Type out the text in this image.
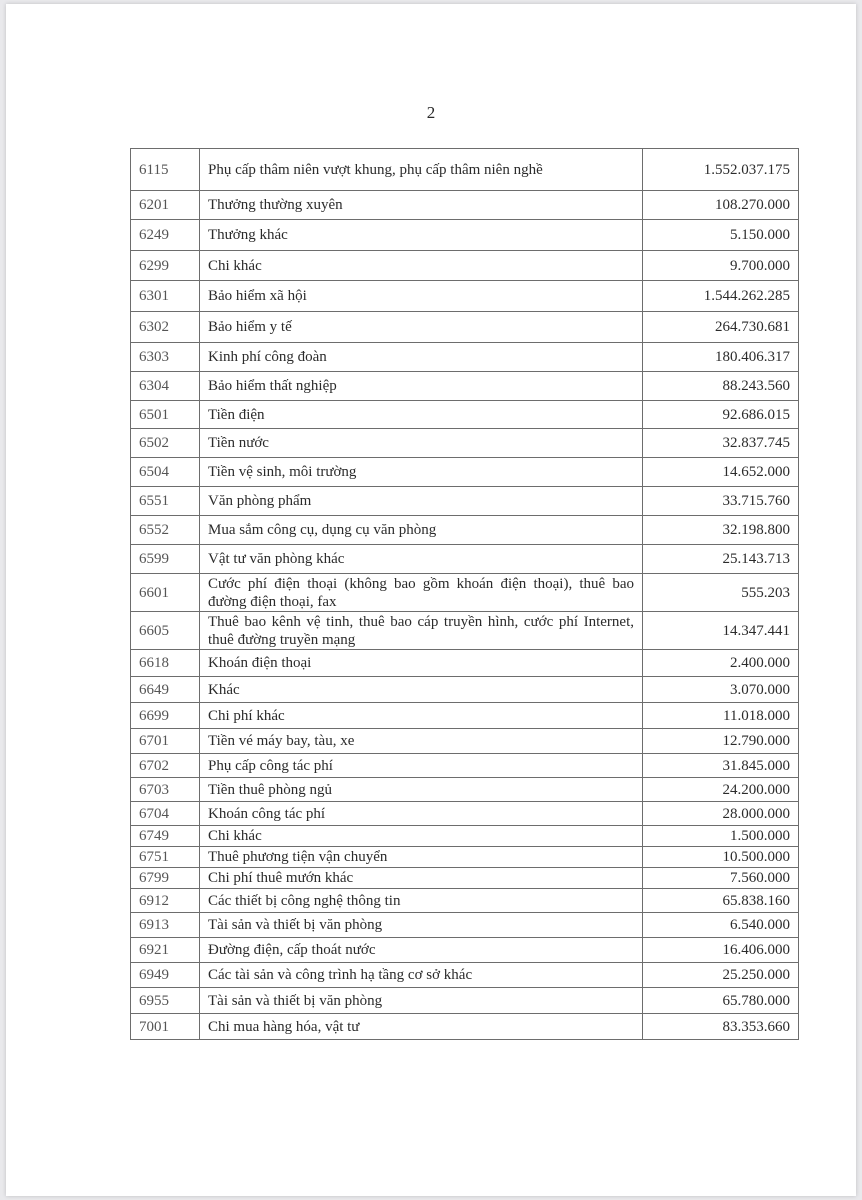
2
6115	Phụ cấp thâm niên vượt khung, phụ cấp thâm niên nghề	1.552.037.175
6201	Thưởng thường xuyên	108.270.000
6249	Thưởng khác	5.150.000
6299	Chi khác	9.700.000
6301	Bảo hiểm xã hội	1.544.262.285
6302	Bảo hiểm y tế	264.730.681
6303	Kinh phí công đoàn	180.406.317
6304	Bảo hiểm thất nghiệp	88.243.560
6501	Tiền điện	92.686.015
6502	Tiền nước	32.837.745
6504	Tiền vệ sinh, môi trường	14.652.000
6551	Văn phòng phẩm	33.715.760
6552	Mua sắm công cụ, dụng cụ văn phòng	32.198.800
6599	Vật tư văn phòng khác	25.143.713
6601	Cước phí điện thoại (không bao gồm khoán điện thoại), thuê bao đường điện thoại, fax	555.203
6605	Thuê bao kênh vệ tinh, thuê bao cáp truyền hình, cước phí Internet, thuê đường truyền mạng	14.347.441
6618	Khoán điện thoại	2.400.000
6649	Khác	3.070.000
6699	Chi phí khác	11.018.000
6701	Tiền vé máy bay, tàu, xe	12.790.000
6702	Phụ cấp công tác phí	31.845.000
6703	Tiền thuê phòng ngủ	24.200.000
6704	Khoán công tác phí	28.000.000
6749	Chi khác	1.500.000
6751	Thuê phương tiện vận chuyển	10.500.000
6799	Chi phí thuê mướn khác	7.560.000
6912	Các thiết bị công nghệ thông tin	65.838.160
6913	Tài sản và thiết bị văn phòng	6.540.000
6921	Đường điện, cấp thoát nước	16.406.000
6949	Các tài sản và công trình hạ tầng cơ sở khác	25.250.000
6955	Tài sản và thiết bị văn phòng	65.780.000
7001	Chi mua hàng hóa, vật tư	83.353.660
